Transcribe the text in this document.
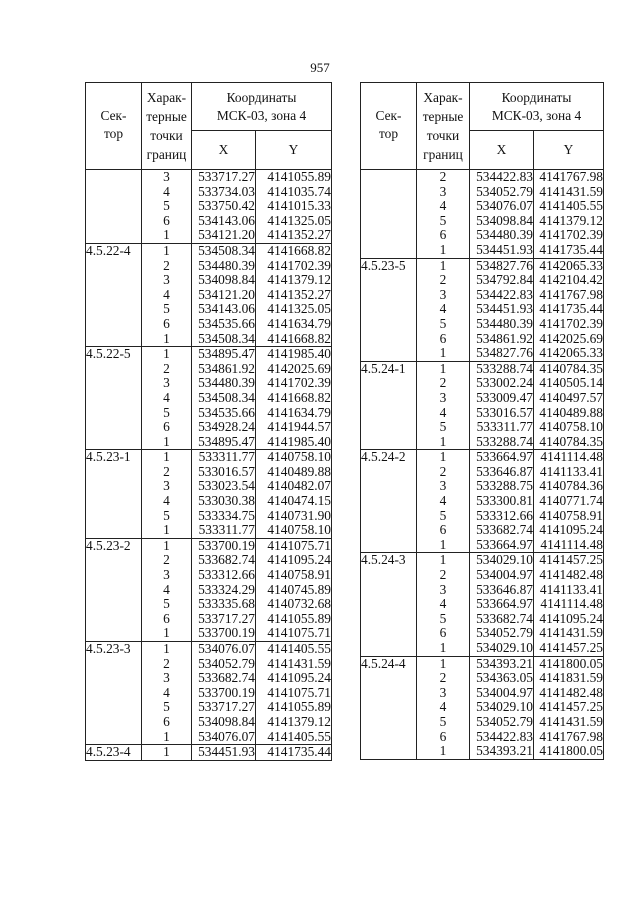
957
Сек-
тор	Харак-
терные
точки
границ	Координаты
МСК-03, зона 4	
		X	Y
	3	533717.27	4141055.89
	4	533734.03	4141035.74
	5	533750.42	4141015.33
	6	534143.06	4141325.05
	1	534121.20	4141352.27
4.5.22-4	1	534508.34	4141668.82
	2	534480.39	4141702.39
	3	534098.84	4141379.12
	4	534121.20	4141352.27
	5	534143.06	4141325.05
	6	534535.66	4141634.79
	1	534508.34	4141668.82
4.5.22-5	1	534895.47	4141985.40
	2	534861.92	4142025.69
	3	534480.39	4141702.39
	4	534508.34	4141668.82
	5	534535.66	4141634.79
	6	534928.24	4141944.57
	1	534895.47	4141985.40
4.5.23-1	1	533311.77	4140758.10
	2	533016.57	4140489.88
	3	533023.54	4140482.07
	4	533030.38	4140474.15
	5	533334.75	4140731.90
	1	533311.77	4140758.10
4.5.23-2	1	533700.19	4141075.71
	2	533682.74	4141095.24
	3	533312.66	4140758.91
	4	533324.29	4140745.89
	5	533335.68	4140732.68
	6	533717.27	4141055.89
	1	533700.19	4141075.71
4.5.23-3	1	534076.07	4141405.55
	2	534052.79	4141431.59
	3	533682.74	4141095.24
	4	533700.19	4141075.71
	5	533717.27	4141055.89
	6	534098.84	4141379.12
	1	534076.07	4141405.55
4.5.23-4	1	534451.93	4141735.44
Сек-
тор	Харак-
терные
точки
границ	Координаты
МСК-03, зона 4	
		X	Y
	2	534422.83	4141767.98
	3	534052.79	4141431.59
	4	534076.07	4141405.55
	5	534098.84	4141379.12
	6	534480.39	4141702.39
	1	534451.93	4141735.44
4.5.23-5	1	534827.76	4142065.33
	2	534792.84	4142104.42
	3	534422.83	4141767.98
	4	534451.93	4141735.44
	5	534480.39	4141702.39
	6	534861.92	4142025.69
	1	534827.76	4142065.33
4.5.24-1	1	533288.74	4140784.35
	2	533002.24	4140505.14
	3	533009.47	4140497.57
	4	533016.57	4140489.88
	5	533311.77	4140758.10
	1	533288.74	4140784.35
4.5.24-2	1	533664.97	4141114.48
	2	533646.87	4141133.41
	3	533288.75	4140784.36
	4	533300.81	4140771.74
	5	533312.66	4140758.91
	6	533682.74	4141095.24
	1	533664.97	4141114.48
4.5.24-3	1	534029.10	4141457.25
	2	534004.97	4141482.48
	3	533646.87	4141133.41
	4	533664.97	4141114.48
	5	533682.74	4141095.24
	6	534052.79	4141431.59
	1	534029.10	4141457.25
4.5.24-4	1	534393.21	4141800.05
	2	534363.05	4141831.59
	3	534004.97	4141482.48
	4	534029.10	4141457.25
	5	534052.79	4141431.59
	6	534422.83	4141767.98
	1	534393.21	4141800.05
